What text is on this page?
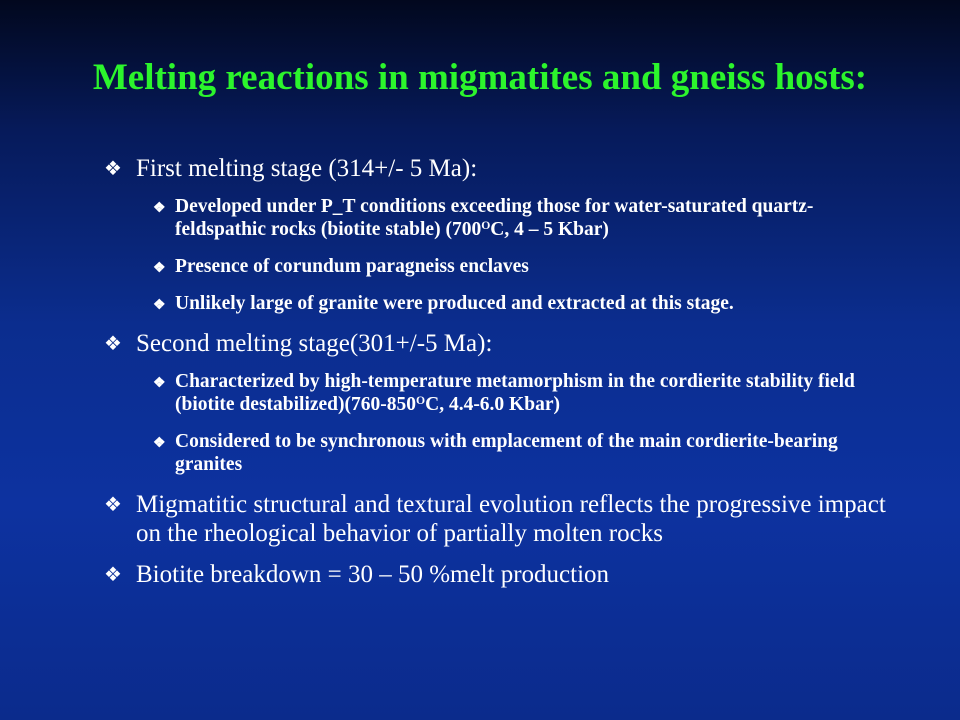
Melting reactions in migmatites and gneiss hosts:
❖ First melting stage (314+/- 5 Ma):
❖ Developed under P_T conditions exceeding those for water-saturated quartz-feldspathic rocks (biotite stable) ($700^OC$, 4 – 5 Kbar)
❖ Presence of corundum paragneiss enclaves
❖ Unlikely large of granite were produced and extracted at this stage.
❖ Second melting stage(301+/-5 Ma):
❖ Characterized by high-temperature metamorphism in the cordierite stability field (biotite $destabilized)(760-850^OC$, 4.4-6.0 Kbar)
❖ Considered to be synchronous with emplacement of the main cordierite-bearing granites
❖ Migmatitic structural and textural evolution reflects the progressive impact on the rheological behavior of partially molten rocks
❖ Biotite breakdown = 30 – 50 %melt production
